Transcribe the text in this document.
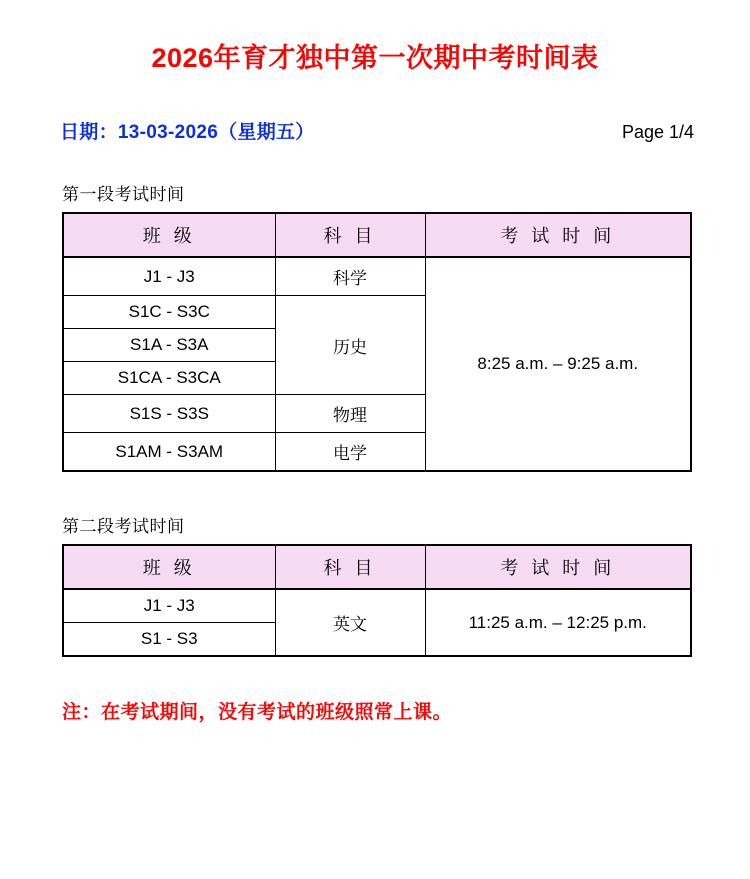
2026年育才独中第一次期中考时间表
日期：13-03-2026（星期五）	Page 1/4
第一段考试时间
班 级	科 目	考 试 时 间
J1 - J3	科学	8:25 a.m. – 9:25 a.m.
S1C - S3C	历史	
S1A - S3A		
S1CA - S3CA		
S1S - S3S	物理	
S1AM - S3AM	电学	
第二段考试时间
班 级	科 目	考 试 时 间
J1 - J3	英文	11:25 a.m. – 12:25 p.m.
S1 - S3		
注：在考试期间，没有考试的班级照常上课。
